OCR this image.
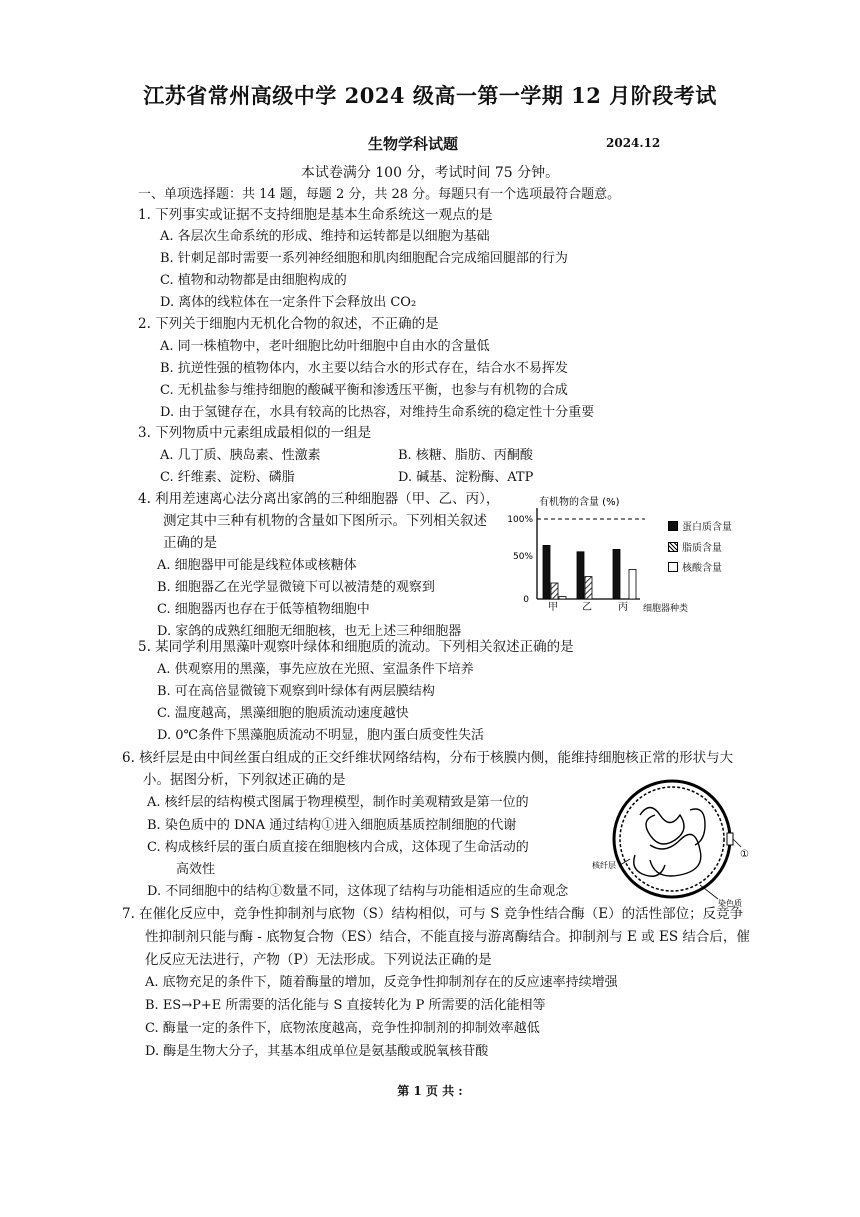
江苏省常州高级中学 2024 级高一第一学期 12 月阶段考试
生物学科试题	2024.12
本试卷满分 100 分，考试时间 75 分钟。
一、单项选择题：共 14 题，每题 2 分，共 28 分。每题只有一个选项最符合题意。
1. 下列事实或证据不支持细胞是基本生命系统这一观点的是
A. 各层次生命系统的形成、维持和运转都是以细胞为基础
B. 针刺足部时需要一系列神经细胞和肌肉细胞配合完成缩回腿部的行为
C. 植物和动物都是由细胞构成的
D. 离体的线粒体在一定条件下会释放出 CO₂
2. 下列关于细胞内无机化合物的叙述，不正确的是
A. 同一株植物中，老叶细胞比幼叶细胞中自由水的含量低
B. 抗逆性强的植物体内，水主要以结合水的形式存在，结合水不易挥发
C. 无机盐参与维持细胞的酸碱平衡和渗透压平衡，也参与有机物的合成
D. 由于氢键存在，水具有较高的比热容，对维持生命系统的稳定性十分重要
3. 下列物质中元素组成最相似的一组是
A. 几丁质、胰岛素、性激素	B. 核糖、脂肪、丙酮酸
C. 纤维素、淀粉、磷脂	D. 碱基、淀粉酶、ATP
4. 利用差速离心法分离出家鸽的三种细胞器（甲、乙、丙），
测定其中三种有机物的含量如下图所示。下列相关叙述
正确的是
A. 细胞器甲可能是线粒体或核糖体
B. 细胞器乙在光学显微镜下可以被清楚的观察到
C. 细胞器丙也存在于低等植物细胞中
D. 家鸽的成熟红细胞无细胞核，也无上述三种细胞器
有机物的含量 (%)
100%
50%
0
甲 乙	丙 细胞器种类
蛋白质含量
脂质含量
核酸含量
5. 某同学利用黑藻叶观察叶绿体和细胞质的流动。下列相关叙述正确的是
A. 供观察用的黑藻，事先应放在光照、室温条件下培养
B. 可在高倍显微镜下观察到叶绿体有两层膜结构
C. 温度越高，黑藻细胞的胞质流动速度越快
D. 0℃条件下黑藻胞质流动不明显，胞内蛋白质变性失活
6. 核纤层是由中间丝蛋白组成的正交纤维状网络结构，分布于核膜内侧，能维持细胞核正常的形状与大
小。据图分析，下列叙述正确的是
A. 核纤层的结构模式图属于物理模型，制作时美观精致是第一位的
B. 染色质中的 DNA 通过结构①进入细胞质基质控制细胞的代谢
C. 构成核纤层的蛋白质直接在细胞核内合成，这体现了生命活动的
高效性
D. 不同细胞中的结构①数量不同，这体现了结构与功能相适应的生命观念
①
核纤层
染色质
7. 在催化反应中，竞争性抑制剂与底物（S）结构相似，可与 S 竞争性结合酶（E）的活性部位；反竞争
性抑制剂只能与酶 - 底物复合物（ES）结合，不能直接与游离酶结合。抑制剂与 E 或 ES 结合后，催
化反应无法进行，产物（P）无法形成。下列说法正确的是
A. 底物充足的条件下，随着酶量的增加，反竞争性抑制剂存在的反应速率持续增强
B. ES→P+E 所需要的活化能与 S 直接转化为 P 所需要的活化能相等
C. 酶量一定的条件下，底物浓度越高，竞争性抑制剂的抑制效率越低
D. 酶是生物大分子，其基本组成单位是氨基酸或脱氧核苷酸
第 1 页 共 :
